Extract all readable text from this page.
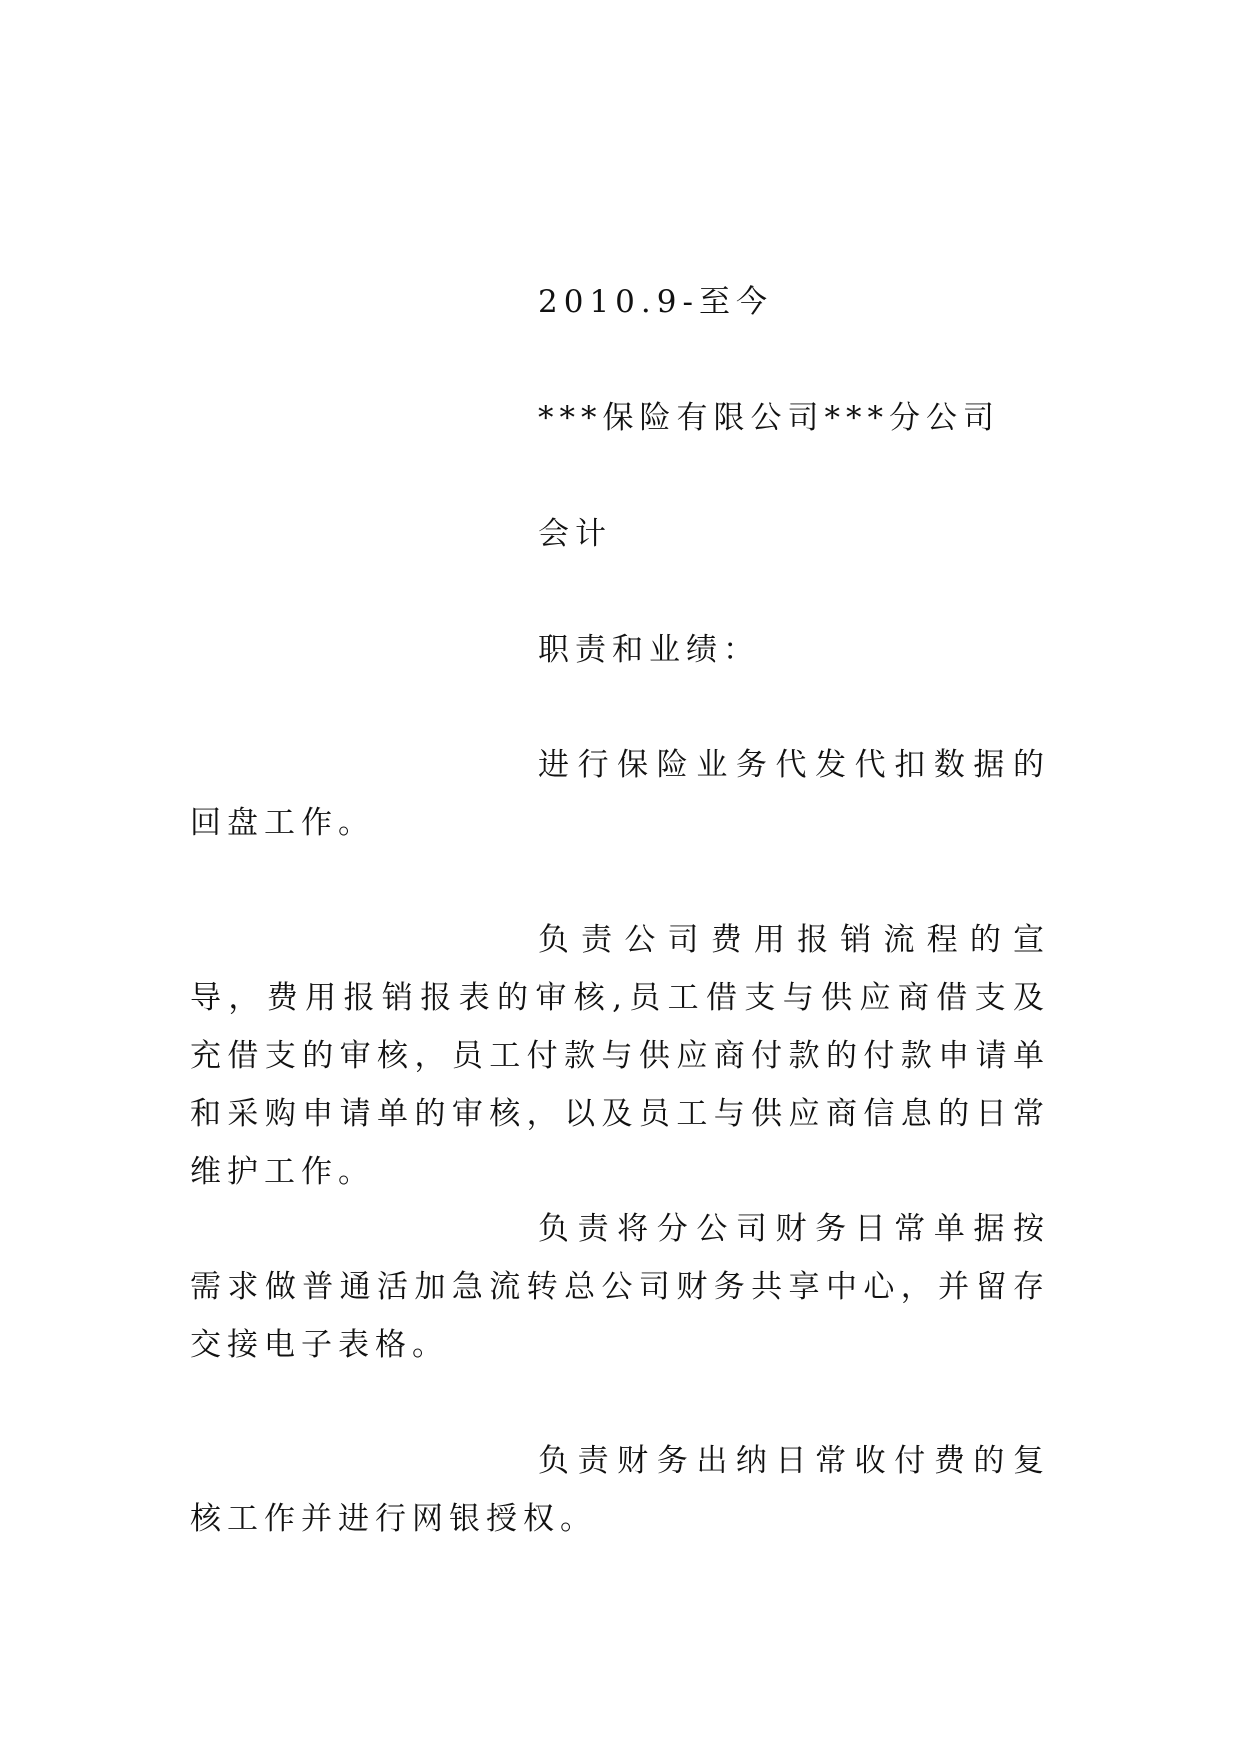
2010.9-至今
***保险有限公司***分公司
会计
职责和业绩：
进行保险业务代发代扣数据的回盘工作。
负责公司费用报销流程的宣导，费用报销报表的审核,员工借支与供应商借支及充借支的审核，员工付款与供应商付款的付款申请单和采购申请单的审核，以及员工与供应商信息的日常维护工作。
负责将分公司财务日常单据按需求做普通活加急流转总公司财务共享中心，并留存交接电子表格。
负责财务出纳日常收付费的复核工作并进行网银授权。
